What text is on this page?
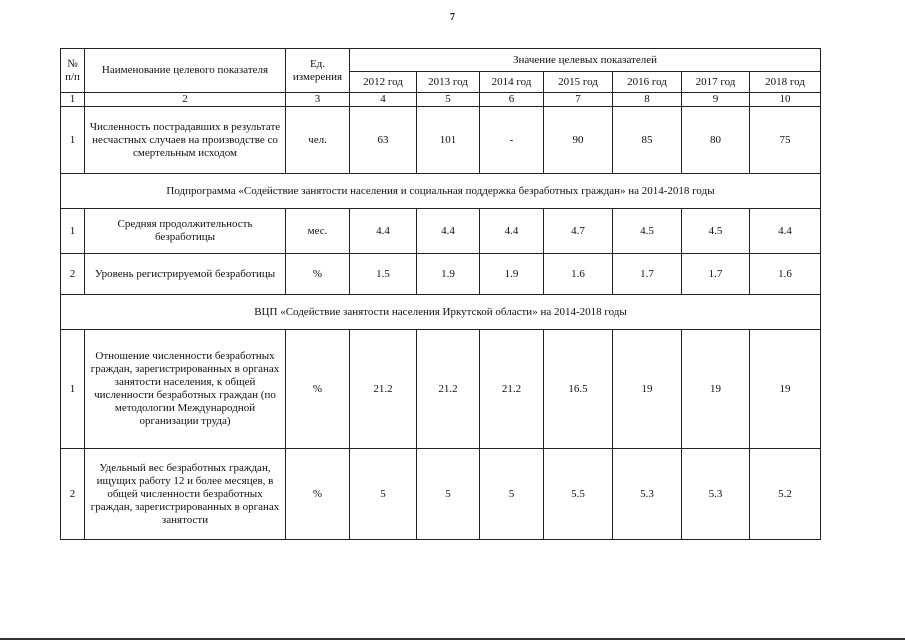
7
№ п/п	Наименование целевого показателя	Ед. измерения	Значение целевых показателей						
			2012 год	2013 год	2014 год	2015 год	2016 год	2017 год	2018 год
1	2	3	4	5	6	7	8	9	10
1	Численность пострадавших в результате несчастных случаев на производстве со смертельным исходом	чел.	63	101	-	90	85	80	75
Подпрограмма «Содействие занятости населения и социальная поддержка безработных граждан» на 2014-2018 годы									
1	Средняя продолжительность безработицы	мес.	4.4	4.4	4.4	4.7	4.5	4.5	4.4
2	Уровень регистрируемой безработицы	%	1.5	1.9	1.9	1.6	1.7	1.7	1.6
ВЦП «Содействие занятости населения Иркутской области» на 2014-2018 годы									
1	Отношение численности безработных граждан, зарегистрированных в органах занятости населения, к общей численности безработных граждан (по методологии Международной организации труда)	%	21.2	21.2	21.2	16.5	19	19	19
2	Удельный вес безработных граждан, ищущих работу 12 и более месяцев, в общей численности безработных граждан, зарегистрированных в органах занятости	%	5	5	5	5.5	5.3	5.3	5.2
